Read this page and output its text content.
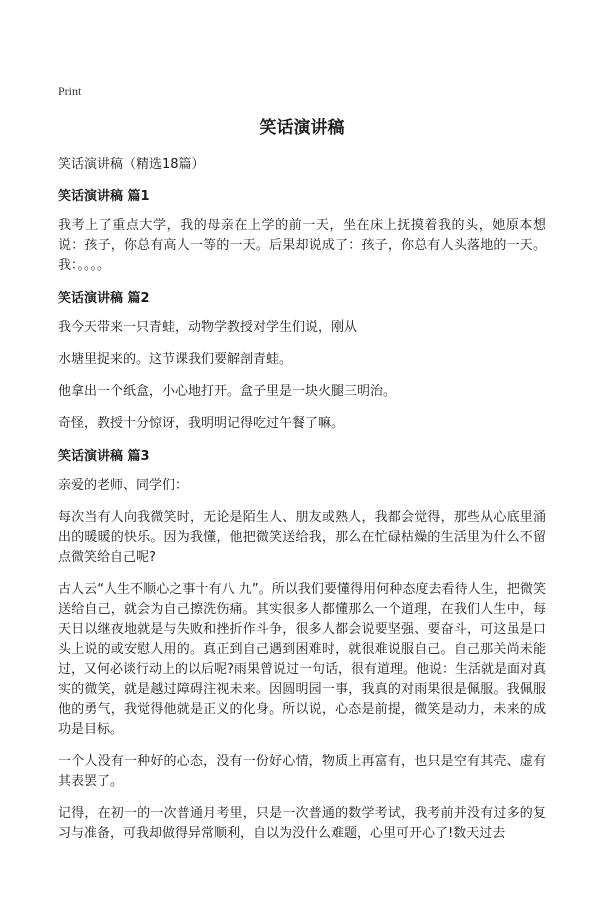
Print
笑话演讲稿
笑话演讲稿（精选18篇）
笑话演讲稿 篇1

我考上了重点大学，我的母亲在上学的前一天，坐在床上抚摸着我的头，她原本想说：孩子，你总有高人一等的一天。后果却说成了：孩子，你总有人头落地的一天。我：。。。。

笑话演讲稿 篇2

我今天带来一只青蛙，动物学教授对学生们说，刚从

水塘里捉来的。这节课我们要解剖青蛙。

他拿出一个纸盒，小心地打开。盒子里是一块火腿三明治。

奇怪，教授十分惊讶，我明明记得吃过午餐了嘛。

笑话演讲稿 篇3

亲爱的老师、同学们：

每次当有人向我微笑时，无论是陌生人、朋友或熟人，我都会觉得，那些从心底里涌出的暖暖的快乐。因为我懂，他把微笑送给我，那么在忙碌枯燥的生活里为什么不留点微笑给自己呢?

古人云“人生不顺心之事十有八 九”。所以我们要懂得用何种态度去看待人生，把微笑送给自己，就会为自己擦洗伤痛。其实很多人都懂那么一个道理，在我们人生中，每天日以继夜地就是与失败和挫折作斗争，很多人都会说要坚强、要奋斗，可这虽是口头上说的或安慰人用的。真正到自己遇到困难时，就很难说服自己。自己那关尚未能过，又何必谈行动上的以后呢?雨果曾说过一句话，很有道理。他说：生活就是面对真实的微笑，就是越过障碍注视未来。因圆明园一事，我真的对雨果很是佩服。我佩服他的勇气，我觉得他就是正义的化身。所以说，心态是前提，微笑是动力，未来的成功是目标。

一个人没有一种好的心态，没有一份好心情，物质上再富有，也只是空有其壳、虚有其表罢了。

记得，在初一的一次普通月考里，只是一次普通的数学考试，我考前并没有过多的复习与准备，可我却做得异常顺利，自以为没什么难题，心里可开心了!数天过去
